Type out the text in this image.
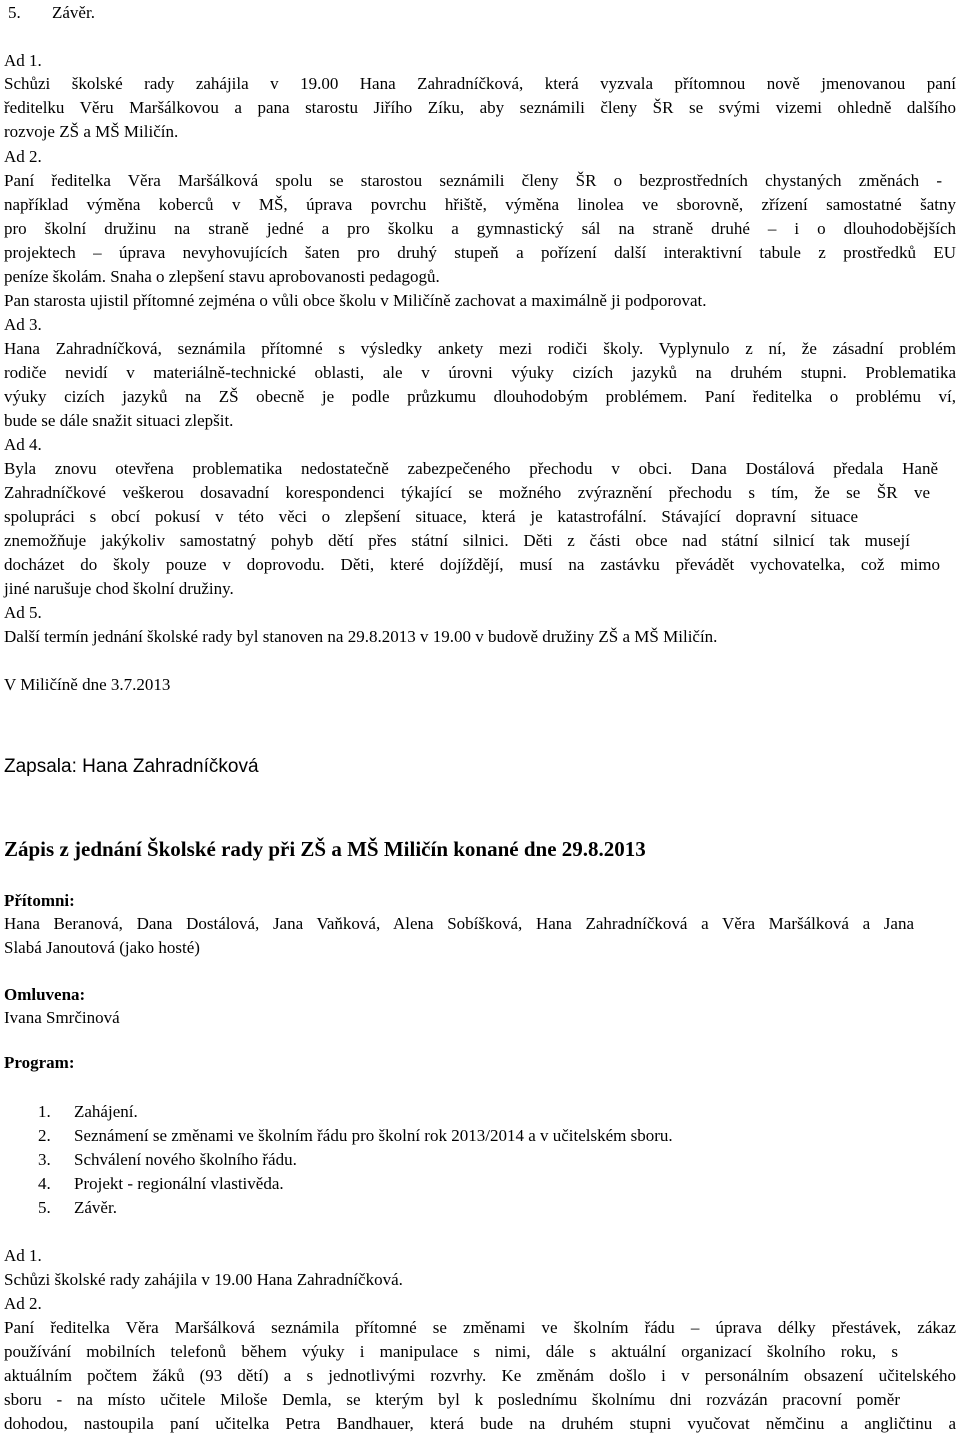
5. Závěr.
Ad 1.
Schůzi školské rady zahájila v 19.00 Hana Zahradníčková, která vyzvala přítomnou nově jmenovanou paní
ředitelku Věru Maršálkovou a pana starostu Jiřího Zíku, aby seznámili členy ŠR se svými vizemi ohledně dalšího
rozvoje ZŠ a MŠ Miličín.
Ad 2.
Paní ředitelka Věra Maršálková spolu se starostou seznámili členy ŠR o bezprostředních chystaných změnách -
například výměna koberců v MŠ, úprava povrchu hřiště, výměna linolea ve sborovně, zřízení samostatné šatny
pro školní družinu na straně jedné a pro školku a gymnastický sál na straně druhé – i o dlouhodobějších
projektech – úprava nevyhovujících šaten pro druhý stupeň a pořízení další interaktivní tabule z prostředků EU
peníze školám. Snaha o zlepšení stavu aprobovanosti pedagogů.
Pan starosta ujistil přítomné zejména o vůli obce školu v Miličíně zachovat a maximálně ji podporovat.
Ad 3.
Hana Zahradníčková, seznámila přítomné s výsledky ankety mezi rodiči školy. Vyplynulo z ní, že zásadní problém
rodiče nevidí v materiálně-technické oblasti, ale v úrovni výuky cizích jazyků na druhém stupni. Problematika
výuky cizích jazyků na ZŠ obecně je podle průzkumu dlouhodobým problémem. Paní ředitelka o problému ví,
bude se dále snažit situaci zlepšit.
Ad 4.
Byla znovu otevřena problematika nedostatečně zabezpečeného přechodu v obci. Dana Dostálová předala Haně
Zahradníčkové veškerou dosavadní korespondenci týkající se možného zvýraznění přechodu s tím, že se ŠR ve
spolupráci s obcí pokusí v této věci o zlepšení situace, která je katastrofální. Stávající dopravní situace
znemožňuje jakýkoliv samostatný pohyb dětí přes státní silnici. Děti z části obce nad státní silnicí tak musejí
docházet do školy pouze v doprovodu. Děti, které dojíždějí, musí na zastávku převádět vychovatelka, což mimo
jiné narušuje chod školní družiny.
Ad 5.
Další termín jednání školské rady byl stanoven na 29.8.2013 v 19.00 v budově družiny ZŠ a MŠ Miličín.
V Miličíně dne 3.7.2013
Zapsala: Hana Zahradníčková
Zápis z jednání Školské rady při ZŠ a MŠ Miličín konané dne 29.8.2013
Přítomni:
Hana Beranová, Dana Dostálová, Jana Vaňková, Alena Sobíšková, Hana Zahradníčková a Věra Maršálková a Jana
Slabá Janoutová (jako hosté)
Omluvena:
Ivana Smrčinová
Program:
1. Zahájení.
2. Seznámení se změnami ve školním řádu pro školní rok 2013/2014 a v učitelském sboru.
3. Schválení nového školního řádu.
4. Projekt - regionální vlastivěda.
5. Závěr.
Ad 1.
Schůzi školské rady zahájila v 19.00 Hana Zahradníčková.
Ad 2.
Paní ředitelka Věra Maršálková seznámila přítomné se změnami ve školním řádu – úprava délky přestávek, zákaz
používání mobilních telefonů během výuky i manipulace s nimi, dále s aktuální organizací školního roku, s
aktuálním počtem žáků (93 dětí) a s jednotlivými rozvrhy. Ke změnám došlo i v personálním obsazení učitelského
sboru - na místo učitele Miloše Demla, se kterým byl k poslednímu školnímu dni rozvázán pracovní poměr
dohodou, nastoupila paní učitelka Petra Bandhauer, která bude na druhém stupni vyučovat němčinu a angličtinu a
